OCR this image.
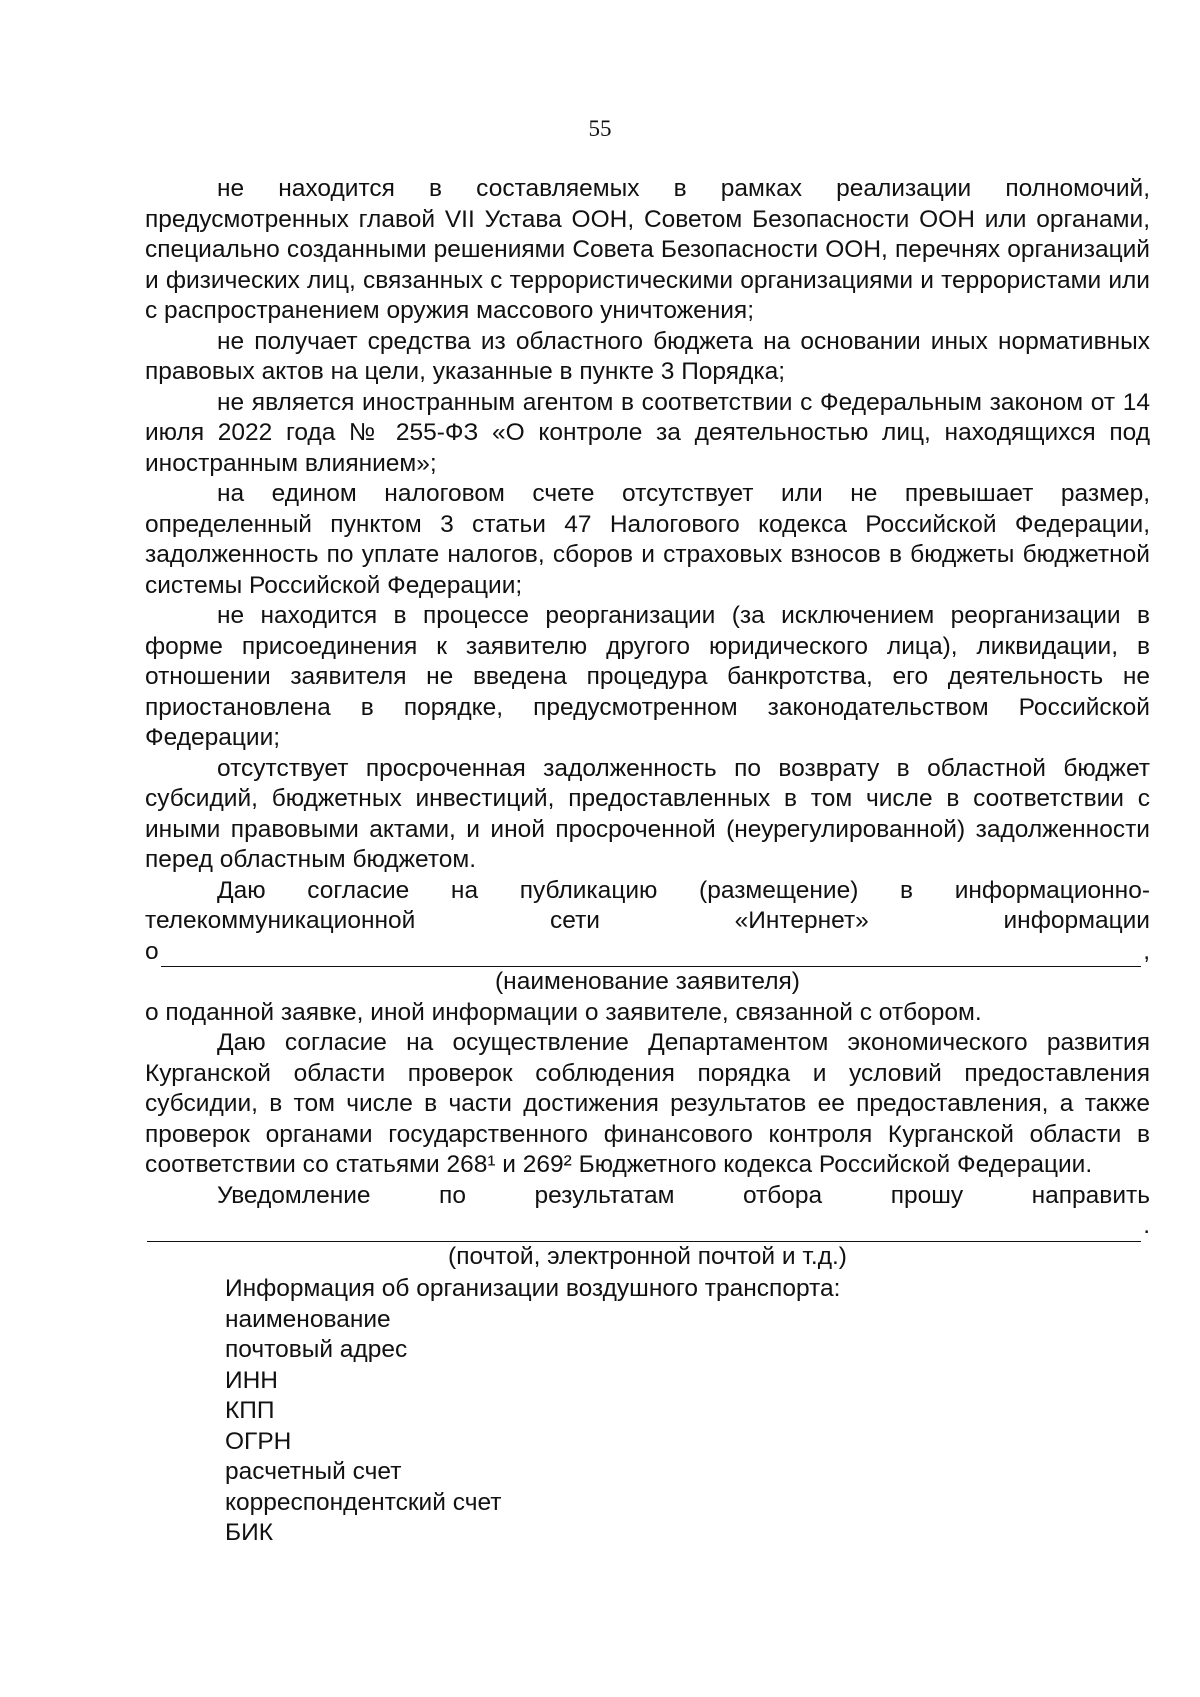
55

не находится в составляемых в рамках реализации полномочий, предусмотренных главой VII Устава ООН, Советом Безопасности ООН или органами, специально созданными решениями Совета Безопасности ООН, перечнях организаций и физических лиц, связанных с террористическими организациями и террористами или с распространением оружия массового уничтожения;

не получает средства из областного бюджета на основании иных нормативных правовых актов на цели, указанные в пункте 3 Порядка;

не является иностранным агентом в соответствии с Федеральным законом от 14 июля 2022 года № 255-ФЗ «О контроле за деятельностью лиц, находящихся под иностранным влиянием»;

на едином налоговом счете отсутствует или не превышает размер, определенный пунктом 3 статьи 47 Налогового кодекса Российской Федерации, задолженность по уплате налогов, сборов и страховых взносов в бюджеты бюджетной системы Российской Федерации;

не находится в процессе реорганизации (за исключением реорганизации в форме присоединения к заявителю другого юридического лица), ликвидации, в отношении заявителя не введена процедура банкротства, его деятельность не приостановлена в порядке, предусмотренном законодательством Российской Федерации;

отсутствует просроченная задолженность по возврату в областной бюджет субсидий, бюджетных инвестиций, предоставленных в том числе в соответствии с иными правовыми актами, и иной просроченной (неурегулированной) задолженности перед областным бюджетом.

Даю согласие на публикацию (размещение) в информационно-телекоммуникационной сети «Интернет» информации

о	,

(наименование заявителя)

о поданной заявке, иной информации о заявителе, связанной с отбором.

Даю согласие на осуществление Департаментом экономического развития Курганской области проверок соблюдения порядка и условий предоставления субсидии, в том числе в части достижения результатов ее предоставления, а также проверок органами государственного финансового контроля Курганской области в соответствии со статьями 268¹ и 269² Бюджетного кодекса Российской Федерации.

Уведомление по результатам отбора прошу направить

.

(почтой, электронной почтой и т.д.)

Информация об организации воздушного транспорта:
наименование
почтовый адрес
ИНН
КПП
ОГРН
расчетный счет
корреспондентский счет
БИК
